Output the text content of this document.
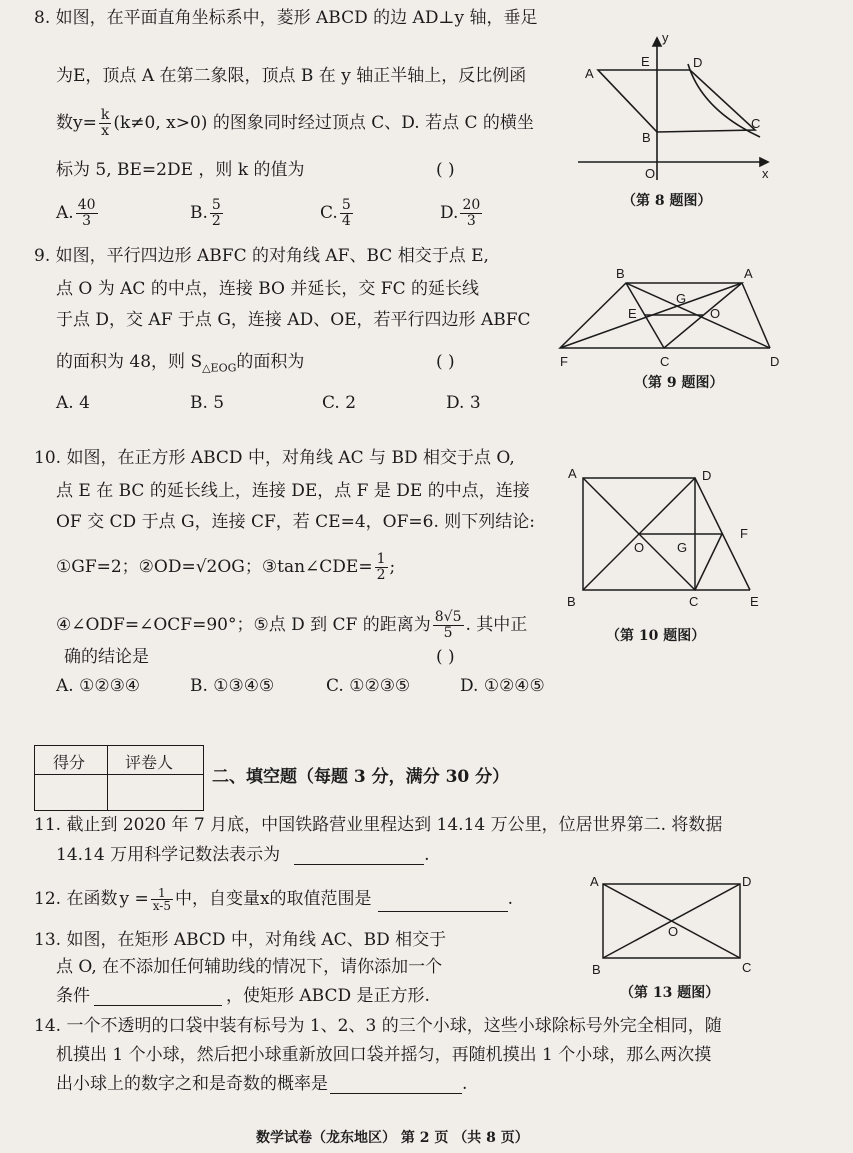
8. 如图，在平面直角坐标系中，菱形 ABCD 的边 AD⊥y 轴，垂足
为E，顶点 A 在第二象限，顶点 B 在 y 轴正半轴上，反比例函
数$y= \frac{k}{x} (k\ne 0$, x>0) 的图象同时经过顶点 C、D. 若点 C 的横坐
标为 5, BE=2DE ，则 k 的值为	( )
A. $\frac{40}{3}$	B. $\frac{5}{2}$	C. $\frac{5}{4}$	D. $\frac{20}{3}$
A
E	D
B
C
O	x
y
（第 8 题图）
9. 如图，平行四边形 ABFC 的对角线 AF、BC 相交于点 E,
点 O 为 AC 的中点，连接 BO 并延长，交 FC 的延长线
于点 D，交 AF 于点 G，连接 AD、OE，若平行四边形 ABFC
的面积为 48，则 $S_{\triangle EOG}$的面积为	( )
A. 4	B. 5	C. 2	D. 3
B	A
G
E	O
F	C	D
（第 9 题图）
10. 如图，在正方形 ABCD 中，对角线 AC 与 BD 相交于点 O,
点 E 在 BC 的延长线上，连接 DE，点 F 是 DE 的中点，连接
OF 交 CD 于点 G，连接 CF，若 CE=4，OF=6. 则下列结论:
①GF=2；②OD=√2OG；③tan∠CDE= $\frac{1}{2}$ ;
④∠ODF=∠OCF=90°；⑤点 D 到 CF 的距离为 $\frac{8√5}{5}$ . 其中正
确的结论是	( )
A. ①②③④	B. ①③④⑤	C. ①②③⑤	D. ①②④⑤
A	D
F
O	G
B	C	E
（第 10 题图）
得分 评卷人
二、填空题（每题 3 分，满分 30 分）
11. 截止到 2020 年 7 月底，中国铁路营业里程达到 14.14 万公里，位居世界第二. 将数据
14.14 万用科学记数法表示为	.
12. 在函数 $y = \frac{1}{x-5}$ 中，自变量x的取值范围是	.
13. 如图，在矩形 ABCD 中，对角线 AC、BD 相交于
点 O, 在不添加任何辅助线的情况下，请你添加一个
条件	，使矩形 ABCD 是正方形.
A	D
O
B	C
（第 13 题图）
14. 一个不透明的口袋中装有标号为 1、2、3 的三个小球，这些小球除标号外完全相同，随
机摸出 1 个小球，然后把小球重新放回口袋并摇匀，再随机摸出 1 个小球，那么两次摸
出小球上的数字之和是奇数的概率是	.
数学试卷（龙东地区） 第 2 页 （共 8 页）
